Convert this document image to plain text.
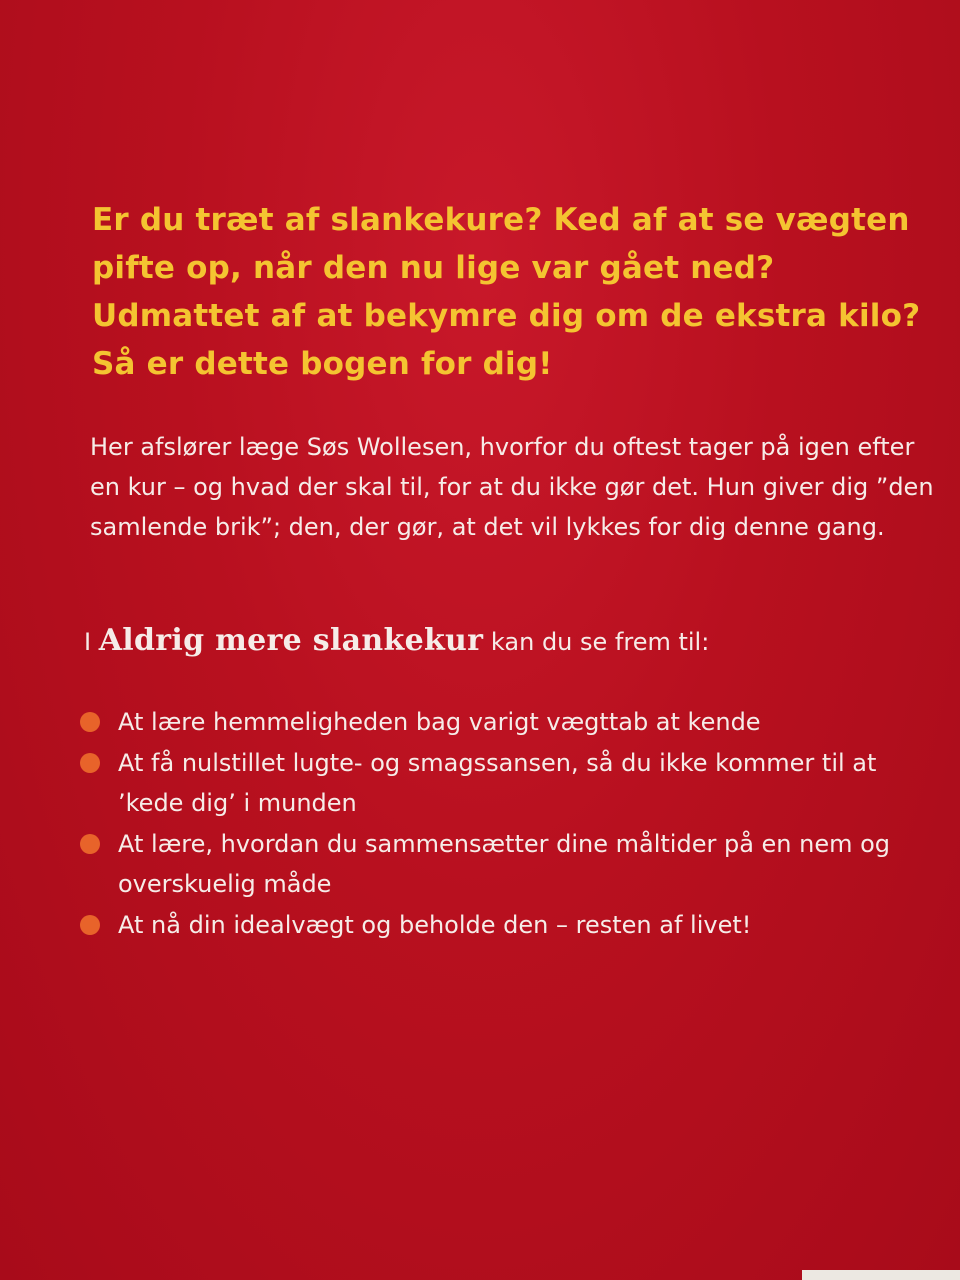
Er du træt af slankekure? Ked af at se vægten pifte op, når den nu lige var gået ned? Udmattet af at bekymre dig om de ekstra kilo? Så er dette bogen for dig!

Her afslører læge Søs Wollesen, hvorfor du oftest tager på igen efter en kur – og hvad der skal til, for at du ikke gør det. Hun giver dig ”den samlende brik”; den, der gør, at det vil lykkes for dig denne gang.

I Aldrig mere slankekur kan du se frem til:

At lære hemmeligheden bag varigt vægttab at kende
At få nulstillet lugte- og smagssansen, så du ikke kommer til at ’kede dig’ i munden
At lære, hvordan du sammensætter dine måltider på en nem og overskuelig måde
At nå din idealvægt og beholde den – resten af livet!
